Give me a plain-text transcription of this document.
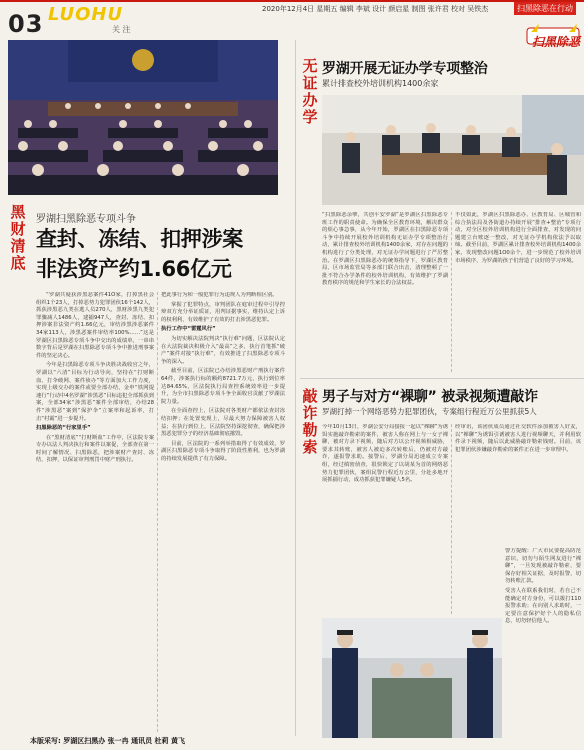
03 LUOHU
关 注
2020年12月4日 星期五 编辑 李斌 设计 颜启星 制图 张许君 校对 吴铁杰	扫黑除恶在行动
扫黑除恶
黑财清底
无证办学
敲诈勒索
罗湖扫黑除恶专项斗争
查封、冻结、扣押涉案
非法资产约1.66亿元

“罗湖共疑获涉黑恶案件41O家，打掉黑社会组织1个23人，打掉恶势力犯罪团伙16个142人，抓获涉黑恶九类在逃人员270人，黑财涉黑九类犯罪骤减人1486人，逮捕947人，查封、冻结、扣押涉案非法资产约1.66亿元，审结涉黑涉恶案件34家113人，涉黑恶案件审结率100%……”这是罗湖区扫黑除恶专项斗争中交出的成绩单，一串串数字背后是罗湖在扫黑除恶专项斗争中推进刑事案件的坚定决心。

今年是扫黑除恶专项斗争决胜决战收官之年，罗湖以“六清”目标为行动导向，坚持在“打财断血、打伞破网、案件侦办”等方面加大工作力度，实现上级交办的案件或要全部办结，金申“铁网提速行”行动中4名罗湖“涉黑恶”目标违犯全部抓获到案，全部34家“涉黑恶”案件全部审结，办结28件“涉黑恶”案到“保护伞”立案率和起诉率，打击“村霸”进一步提升。

扫黑除恶的“行家里手”

在“黑财清底”“打财断血”工作中，区法院专案专办以法人判决执行和案件以案促，全部查在第一时间了解情况、扫黑除恶，把涉案财产查封、冻结、扣押，以保证审判刑罚中财产刑执行。

把此事行为和一般犯罪行为违规人为判断相区别。

掌握了犯罪特点，审判团队在庭审过程中引导控辩双方充分举证质证，用判证据事实，维持认定上诉的权利利，有效维护了有效的打击涉黑恶犯罪。

执行工作中“雷霆风行”

为切实解决法院判决“执行难”问题，区法院认定在大法院裁决积极介入“最高”之多，执行首笔抓“破产”案件对接“执行难”，有效推进了扫黑除恶专项斗争的深入。

截至目前，区法院已办结涉黑恶财产刑执行案件64件，涉案执行标的额约8721.7万元，执行到位率达84.65%，区法院执行局查控系统效率进一步提升，为全市扫黑除恶专项斗争全面收官贡献了罗湖法院力量。

在全面查控上，区法院对各类财产都依法查封冻结扣押；在处置变现上，尽最大努力保障被害人权益；在执行到位上，区法院坚持深挖彻查，确保把涉黑恶犯罪分子的经济基础彻底摧毁。

目前，区法院的一系列举措取得了有效成效，罗湖区扫黑除恶专项斗争取得了阶段性胜利，也为罗湖的持续发展提供了有力保障。

罗湖开展无证办学专项整治
累计排查校外培训机构1400余家
“扫黑除恶余孽，共创平安罗湖”是罗湖区扫黑除恶专班工作的职责使命。为确保全区教育环境，解决群众的烦心事急事，从今年开始，罗湖区在扫黑除恶专项斗争中持续开展校外培训机构无证办学专项整治行动，累计排查校外培训机构1400余家，对存在问题的机构进行了分类处理，对无证办学问题进行了严厉整治。在罗湖区扫黑除恶办的统筹指导下，罗湖区教育局、区市场监管局等多部门联合出击，清理整顿了一批不符合办学条件的校外培训机构，有效维护了罗湖教育秩序的规范和学生家长的合法权益。
不仅如此，罗湖区扫黑除恶办、区教育局、区城管和综合执法局及各街道办持续开展“排查+整治”专项行动，对全区校外培训机构进行全面排查，对发现的问题建立台账逐一整改，对无证办学机构依法予以取缔。截至目前，罗湖区累计排查校外培训机构1400余家，发现整改问题1O0余个，进一步规范了校外培训市场秩序，为罗湖的孩子们营造了良好的学习环境。
男子与对方“裸聊” 被录视频遭敲诈
罗湖打掉一个网络恶势力犯罪团伙，专案组行程近万公里抓获5人
今年10月13日，罗湖公安分局接报一起以“裸聊”为诱饵实施敲诈勒索的案件，被害人称在网上与一女子裸聊，被对方录下视频，随后对方以公开视频相威胁，要求其转账，被害人被迫多次转账后，仍被对方敲诈，遂报警求助。接警后，罗湖分局迅速成立专案组，经过缜密侦查，很快锁定了以胡某为首的网络恶势力犯罪团伙，案组民警行程近万公里，分赴多地开展抓捕行动，成功抓获犯罪嫌疑人5名。
经审讯，该团伙成员通过社交软件添加被害人好友，以“裸聊”为诱饵引诱被害人进行视频聊天，并利用软件录下视频，随后以此威胁敲诈勒索钱财。目前，该犯罪团伙涉嫌敲诈勒索的案件正在进一步审理中。

警方提醒：广大市民要提高防范意识，切勿与陌生网友进行“裸聊”，一旦发现被敲诈勒索，要保存好相关证据，及时报警，切勿转账汇款。

受害人在联系我们时，若自己不能确定对方身份，可以拨打110报警求助；在向别人求助时，一定要注意保护好个人的隐私信息，切勿轻信他人。

本版采写: 罗湖区扫黑办 张一冉 通讯员 杜莉 黄飞
